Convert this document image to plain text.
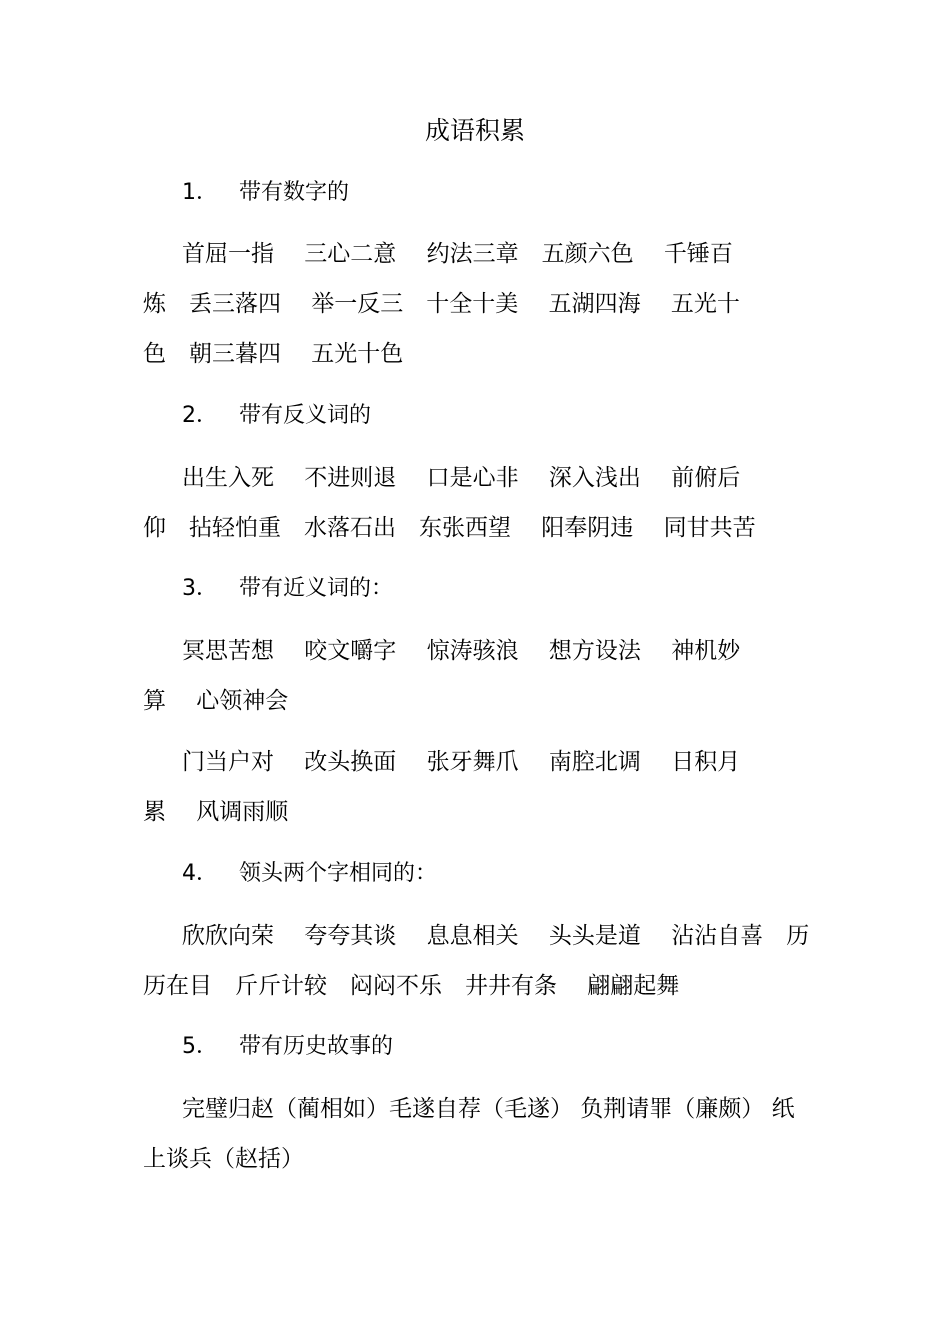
成语积累
1． 带有数字的
首屈一指　 三心二意　 约法三章　五颜六色　 千锤百
炼　丢三落四　 举一反三　十全十美　 五湖四海　 五光十
色　朝三暮四　 五光十色
2． 带有反义词的
出生入死　 不进则退　 口是心非　 深入浅出　 前俯后
仰　拈轻怕重　水落石出　东张西望　 阳奉阴违　 同甘共苦
3． 带有近义词的：
冥思苦想　 咬文嚼字　 惊涛骇浪　 想方设法　 神机妙
算　 心领神会
门当户对　 改头换面　 张牙舞爪　 南腔北调　 日积月
累　 风调雨顺
4． 领头两个字相同的：
欣欣向荣　 夸夸其谈　 息息相关　 头头是道　 沾沾自喜　历
历在目　斤斤计较　闷闷不乐　井井有条　 翩翩起舞
5． 带有历史故事的
完璧归赵（蔺相如）毛遂自荐（毛遂） 负荆请罪（廉颇） 纸
上谈兵（赵括）
